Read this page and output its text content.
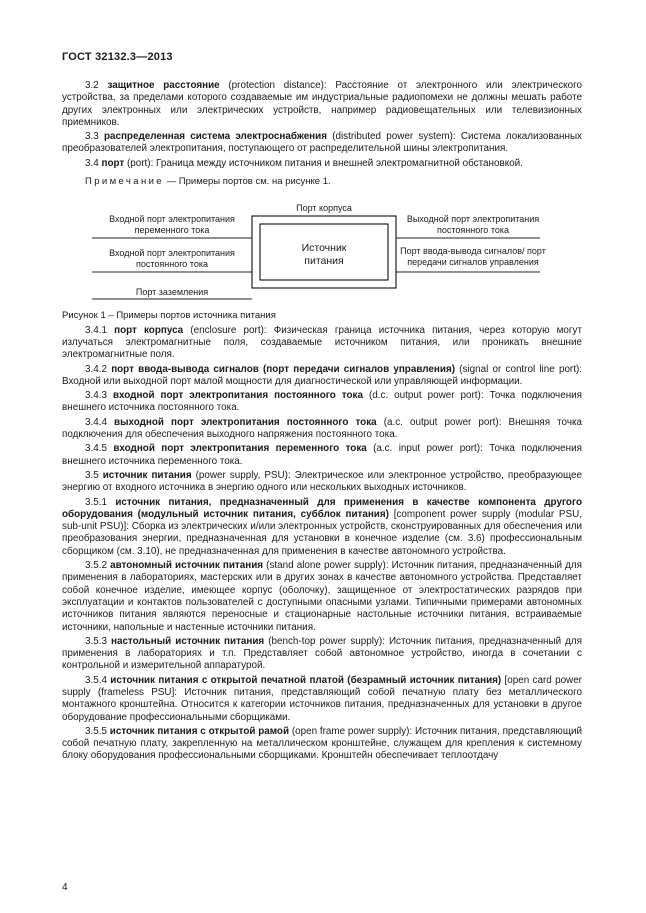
ГОСТ 32132.3—2013

3.2 защитное расстояние (protection distance): Расстояние от электронного или электрического устройства, за пределами которого создаваемые им индустриальные радиопомехи не должны мешать работе других электронных или электрических устройств, например радиовещательных или телевизионных приемников.

3.3 распределенная система электроснабжения (distributed power system): Система локализованных преобразователей электропитания, поступающего от распределительной шины электропитания.

3.4 порт (port): Граница между источником питания и внешней электромагнитной обстановкой.

Примечание — Примеры портов см. на рисунке 1.

Входной порт электропитания переменного тока
Входной порт электропитания постоянного тока
Порт заземления
Порт корпуса
Источник
питания
Выходной порт электропитания постоянного тока
Порт ввода-вывода сигналов/ порт передачи сигналов управления

Рисунок 1 – Примеры портов источника питания

3.4.1 порт корпуса (enclosure port): Физическая граница источника питания, через которую могут излучаться электромагнитные поля, создаваемые источником питания, или проникать внешние электромагнитные поля.

3.4.2 порт ввода-вывода сигналов (порт передачи сигналов управления) (signal or control line port): Входной или выходной порт малой мощности для диагностической или управляющей информации.

3.4.3 входной порт электропитания постоянного тока (d.c. output power port): Точка подключения внешнего источника постоянного тока.

3.4.4 выходной порт электропитания постоянного тока (a.c. output power port): Внешняя точка подключения для обеспечения выходного напряжения постоянного тока.

3.4.5 входной порт электропитания переменного тока (a.c. input power port): Точка подключения внешнего источника переменного тока.

3.5 источник питания (power supply, PSU): Электрическое или электронное устройство, преобразующее энергию от входного источника в энергию одного или нескольких выходных источников.

3.5.1 источник питания, предназначенный для применения в качестве компонента другого оборудования (модульный источник питания, субблок питания) [component power supply (modular PSU, sub-unit PSU)]: Сборка из электрических и/или электронных устройств, сконструированных для обеспечения или преобразования энергии, предназначенная для установки в конечное изделие (см. 3.6) профессиональным сборщиком (см. 3.10), не предназначенная для применения в качестве автономного устройства.

3.5.2 автономный источник питания (stand alone power supply): Источник питания, предназначенный для применения в лабораториях, мастерских или в других зонах в качестве автономного устройства. Представляет собой конечное изделие, имеющее корпус (оболочку), защищенное от электростатических разрядов при эксплуатации и контактов пользователей с доступными опасными узлами. Типичными примерами автономных источников питания являются переносные и стационарные настольные источники питания, встраиваемые источники, напольные и настенные источники питания.

3.5.3 настольный источник питания (bench-top power supply): Источник питания, предназначенный для применения в лабораториях и т.п. Представляет собой автономное устройство, иногда в сочетании с контрольной и измерительной аппаратурой.

3.5.4 источник питания с открытой печатной платой (безрамный источник питания) [open card power supply (frameless PSU]: Источник питания, представляющий собой печатную плату без металлического монтажного кронштейна. Относится к категории источников питания, предназначенных для установки в другое оборудование профессиональными сборщиками.

3.5.5 источник питания с открытой рамой (open frame power supply): Источник питания, представляющий собой печатную плату, закрепленную на металлическом кронштейне, служащем для крепления к системному блоку оборудования профессиональными сборщиками. Кронштейн обеспечивает теплоотдачу

4
